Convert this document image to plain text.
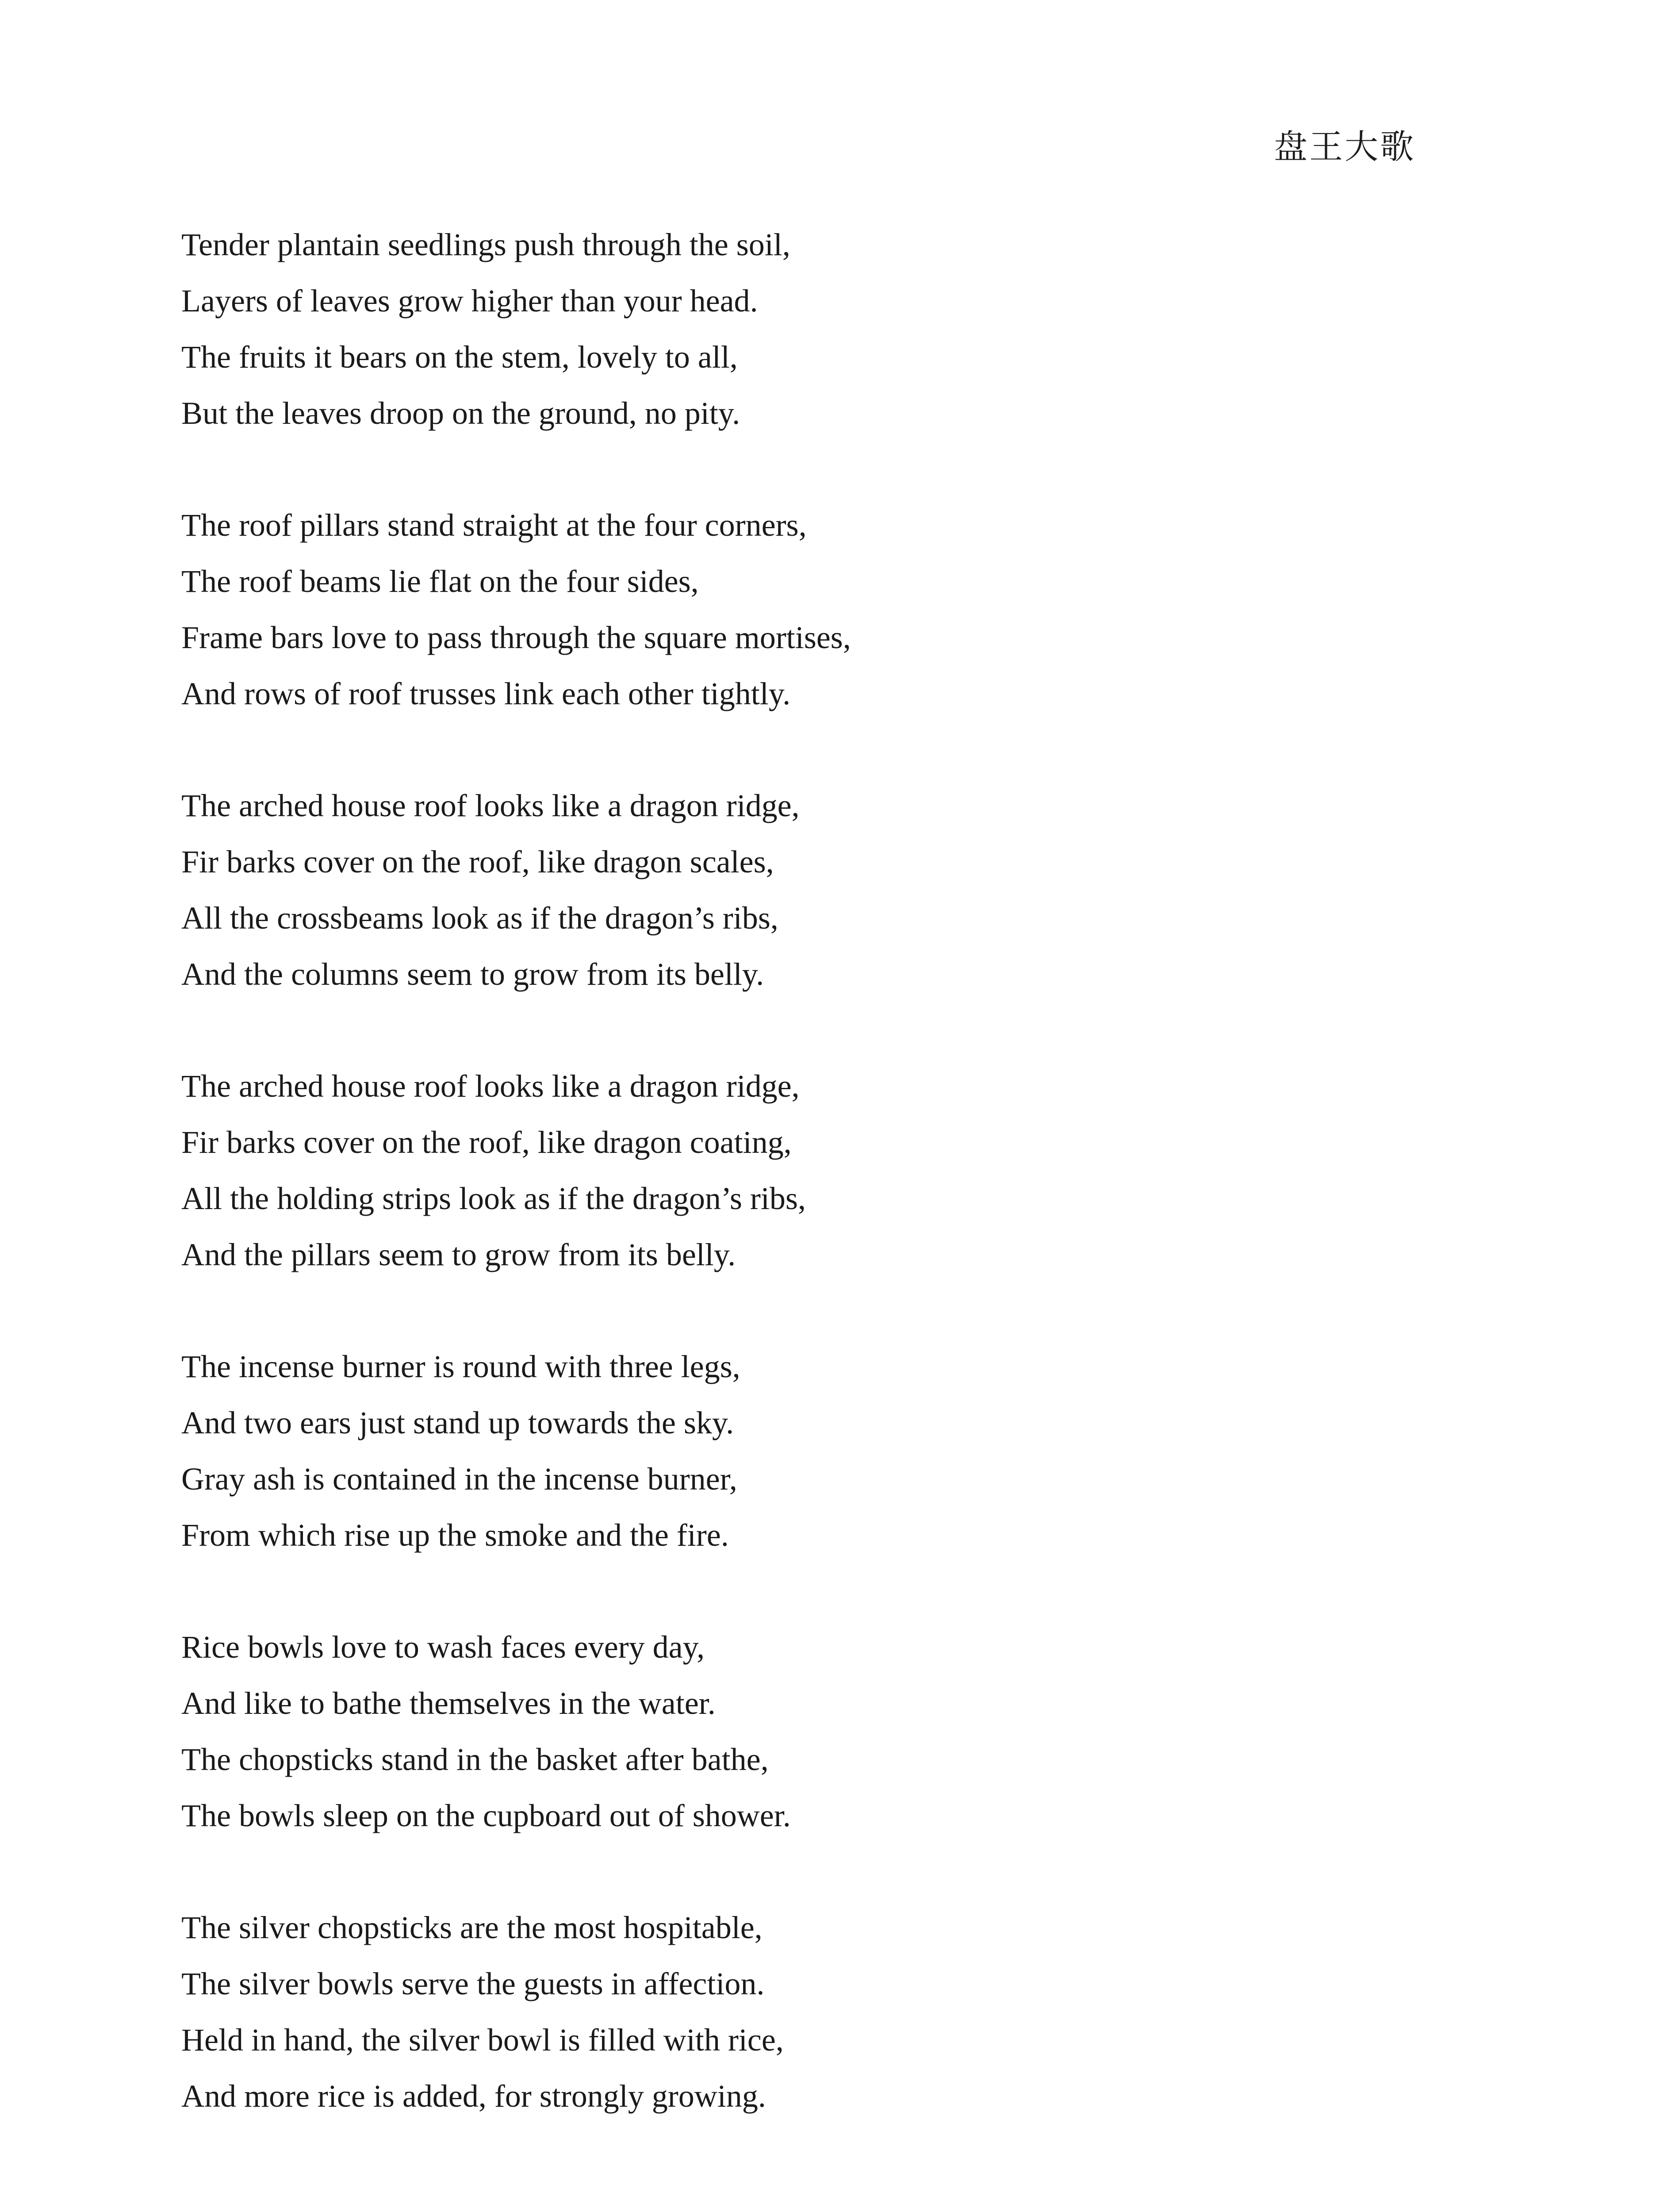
盘王大歌
Tender plantain seedlings push through the soil,
Layers of leaves grow higher than your head.
The fruits it bears on the stem, lovely to all,
But the leaves droop on the ground, no pity.
The roof pillars stand straight at the four corners,
The roof beams lie flat on the four sides,
Frame bars love to pass through the square mortises,
And rows of roof trusses link each other tightly.
The arched house roof looks like a dragon ridge,
Fir barks cover on the roof, like dragon scales,
All the crossbeams look as if the dragon’s ribs,
And the columns seem to grow from its belly.
The arched house roof looks like a dragon ridge,
Fir barks cover on the roof, like dragon coating,
All the holding strips look as if the dragon’s ribs,
And the pillars seem to grow from its belly.
The incense burner is round with three legs,
And two ears just stand up towards the sky.
Gray ash is contained in the incense burner,
From which rise up the smoke and the fire.
Rice bowls love to wash faces every day,
And like to bathe themselves in the water.
The chopsticks stand in the basket after bathe,
The bowls sleep on the cupboard out of shower.
The silver chopsticks are the most hospitable,
The silver bowls serve the guests in affection.
Held in hand, the silver bowl is filled with rice,
And more rice is added, for strongly growing.
